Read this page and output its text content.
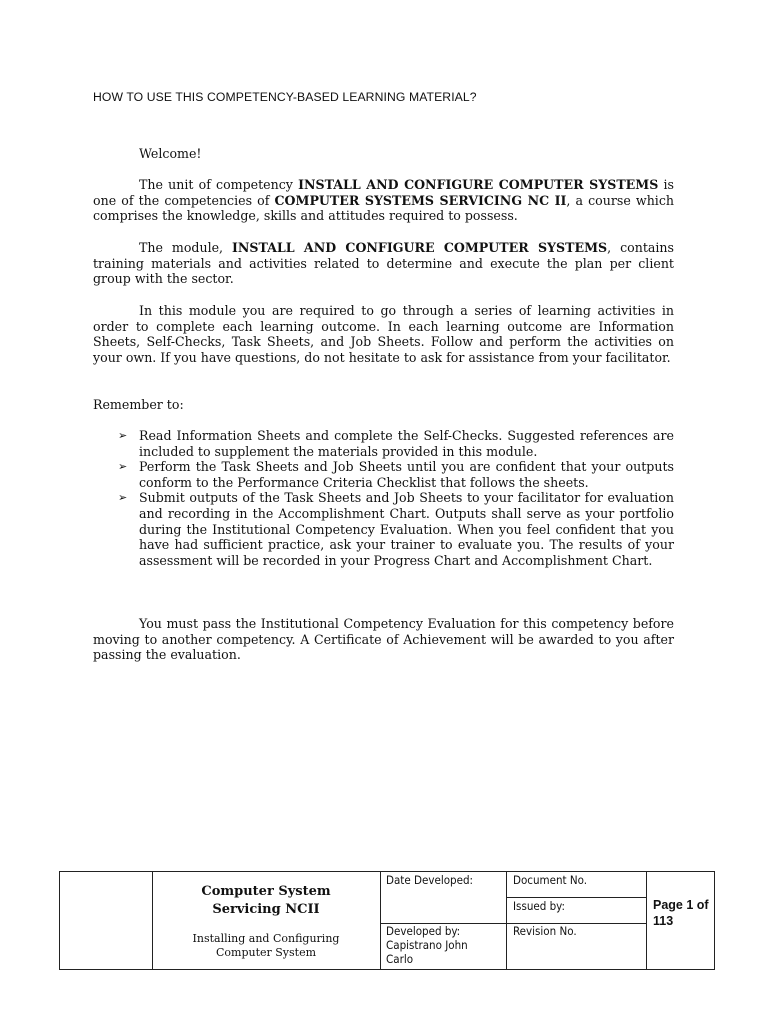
HOW TO USE THIS COMPETENCY-BASED LEARNING MATERIAL?
Welcome!
The unit of competency INSTALL AND CONFIGURE COMPUTER SYSTEMS is one of the competencies of COMPUTER SYSTEMS SERVICING NC II, a course which comprises the knowledge, skills and attitudes required to possess.
The module, INSTALL AND CONFIGURE COMPUTER SYSTEMS, contains training materials and activities related to determine and execute the plan per client group with the sector.
In this module you are required to go through a series of learning activities in order to complete each learning outcome. In each learning outcome are Information Sheets, Self-Checks, Task Sheets, and Job Sheets. Follow and perform the activities on your own. If you have questions, do not hesitate to ask for assistance from your facilitator.
Remember to:
➢ Read Information Sheets and complete the Self-Checks. Suggested references are included to supplement the materials provided in this module.
➢ Perform the Task Sheets and Job Sheets until you are confident that your outputs conform to the Performance Criteria Checklist that follows the sheets.
➢ Submit outputs of the Task Sheets and Job Sheets to your facilitator for evaluation and recording in the Accomplishment Chart. Outputs shall serve as your portfolio during the Institutional Competency Evaluation. When you feel confident that you have had sufficient practice, ask your trainer to evaluate you. The results of your assessment will be recorded in your Progress Chart and Accomplishment Chart.
You must pass the Institutional Competency Evaluation for this competency before moving to another competency. A Certificate of Achievement will be awarded to you after passing the evaluation.
Computer System
Servicing NCII
Installing and Configuring
Computer System
Date Developed:
Developed by:
Capistrano John
Carlo
Document No.
Issued by:
Revision No.
Page 1 of
113
